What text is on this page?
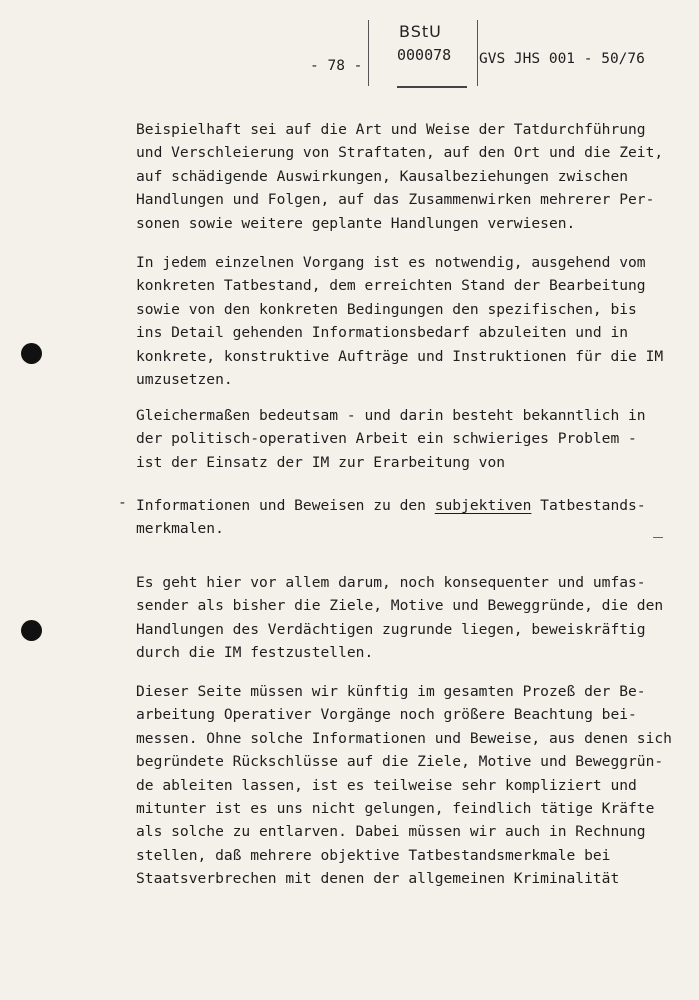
BStU
000078
- 78 -	GVS JHS 001 - 50/76

Beispielhaft sei auf die Art und Weise der Tatdurchführung
und Verschleierung von Straftaten, auf den Ort und die Zeit,
auf schädigende Auswirkungen, Kausalbeziehungen zwischen
Handlungen und Folgen, auf das Zusammenwirken mehrerer Per-
sonen sowie weitere geplante Handlungen verwiesen.

In jedem einzelnen Vorgang ist es notwendig, ausgehend vom
konkreten Tatbestand, dem erreichten Stand der Bearbeitung
sowie von den konkreten Bedingungen den spezifischen, bis
ins Detail gehenden Informationsbedarf abzuleiten und in
konkrete, konstruktive Aufträge und Instruktionen für die IM
umzusetzen.

Gleichermaßen bedeutsam - und darin besteht bekanntlich in
der politisch-operativen Arbeit ein schwieriges Problem -
ist der Einsatz der IM zur Erarbeitung von

- Informationen und Beweisen zu den subjektiven Tatbestands-
merkmalen.

Es geht hier vor allem darum, noch konsequenter und umfas-
sender als bisher die Ziele, Motive und Beweggründe, die den
Handlungen des Verdächtigen zugrunde liegen, beweiskräftig
durch die IM festzustellen.

Dieser Seite müssen wir künftig im gesamten Prozeß der Be-
arbeitung Operativer Vorgänge noch größere Beachtung bei-
messen. Ohne solche Informationen und Beweise, aus denen sich
begründete Rückschlüsse auf die Ziele, Motive und Beweggrün-
de ableiten lassen, ist es teilweise sehr kompliziert und
mitunter ist es uns nicht gelungen, feindlich tätige Kräfte
als solche zu entlarven. Dabei müssen wir auch in Rechnung
stellen, daß mehrere objektive Tatbestandsmerkmale bei
Staatsverbrechen mit denen der allgemeinen Kriminalität
